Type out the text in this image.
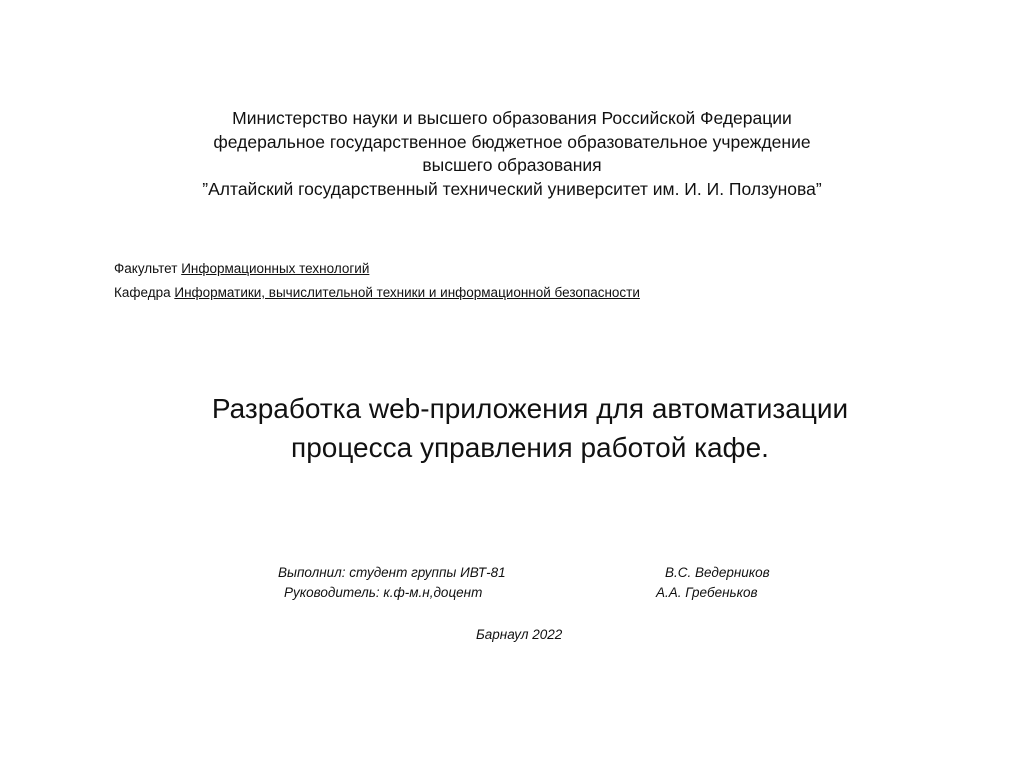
Министерство науки и высшего образования Российской Федерации
федеральное государственное бюджетное образовательное учреждение
высшего образования
”Алтайский государственный технический университет им. И. И. Ползунова”
Факультет Информационных технологий
Кафедра Информатики, вычислительной техники и информационной безопасности
Разработка web-приложения для автоматизации
процесса управления работой кафе.
Выполнил: студент группы ИВТ-81	В.С. Ведерников
Руководитель: к.ф-м.н,доцент	А.А. Гребеньков
Барнаул 2022
